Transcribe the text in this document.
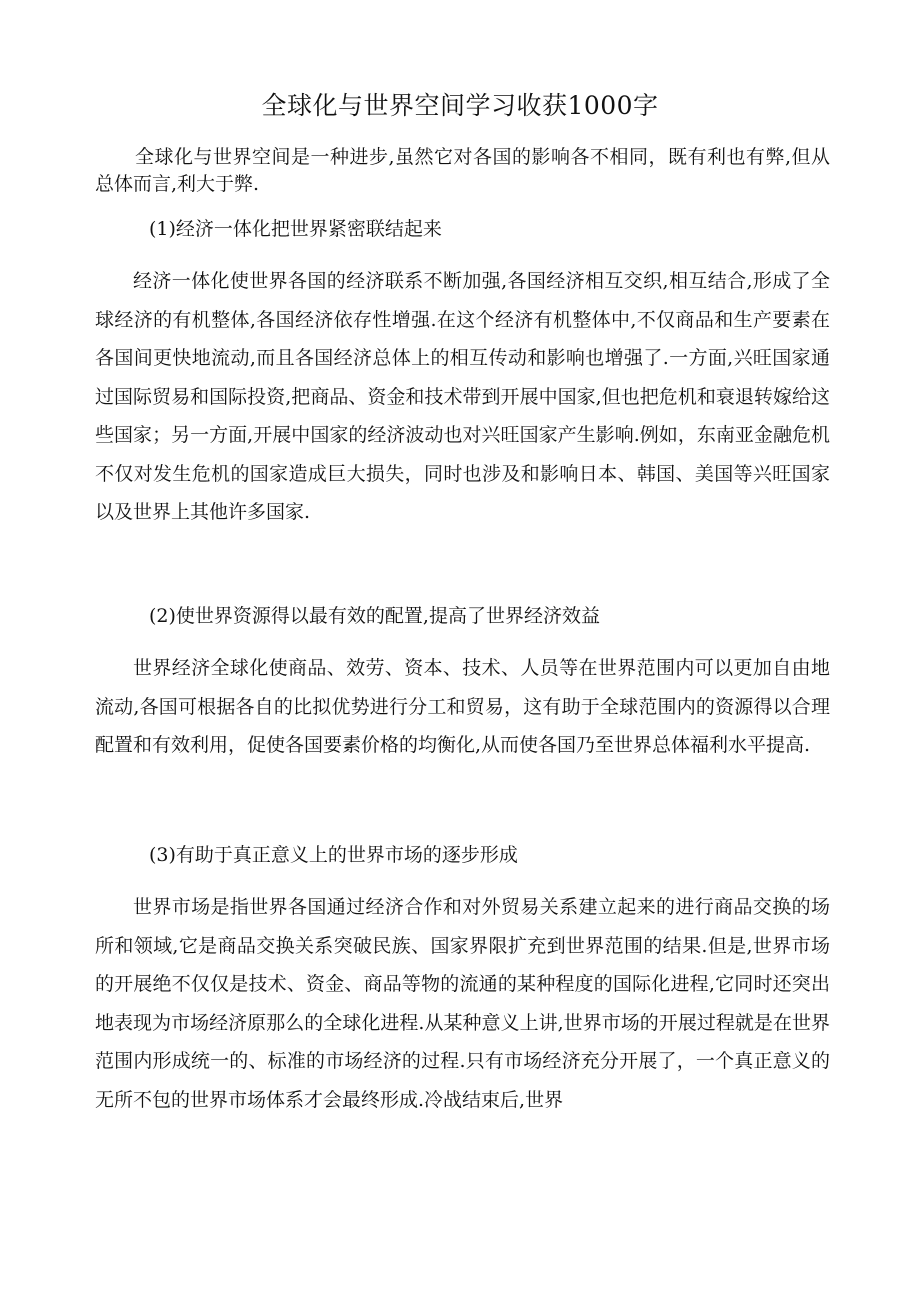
全球化与世界空间学习收获1000字

全球化与世界空间是一种进步,虽然它对各国的影响各不相同，既有利也有弊,但从总体而言,利大于弊.

(1)经济一体化把世界紧密联结起来

经济一体化使世界各国的经济联系不断加强,各国经济相互交织,相互结合,形成了全球经济的有机整体,各国经济依存性增强.在这个经济有机整体中,不仅商品和生产要素在各国间更快地流动,而且各国经济总体上的相互传动和影响也增强了.一方面,兴旺国家通过国际贸易和国际投资,把商品、资金和技术带到开展中国家,但也把危机和衰退转嫁给这些国家；另一方面,开展中国家的经济波动也对兴旺国家产生影响.例如，东南亚金融危机不仅对发生危机的国家造成巨大损失，同时也涉及和影响日本、韩国、美国等兴旺国家以及世界上其他许多国家.

(2)使世界资源得以最有效的配置,提高了世界经济效益

世界经济全球化使商品、效劳、资本、技术、人员等在世界范围内可以更加自由地流动,各国可根据各自的比拟优势进行分工和贸易，这有助于全球范围内的资源得以合理配置和有效利用，促使各国要素价格的均衡化,从而使各国乃至世界总体福利水平提高.

(3)有助于真正意义上的世界市场的逐步形成

世界市场是指世界各国通过经济合作和对外贸易关系建立起来的进行商品交换的场所和领域,它是商品交换关系突破民族、国家界限扩充到世界范围的结果.但是,世界市场的开展绝不仅仅是技术、资金、商品等物的流通的某种程度的国际化进程,它同时还突出地表现为市场经济原那么的全球化进程.从某种意义上讲,世界市场的开展过程就是在世界范围内形成统一的、标准的市场经济的过程.只有市场经济充分开展了，一个真正意义的无所不包的世界市场体系才会最终形成.冷战结束后,世界
